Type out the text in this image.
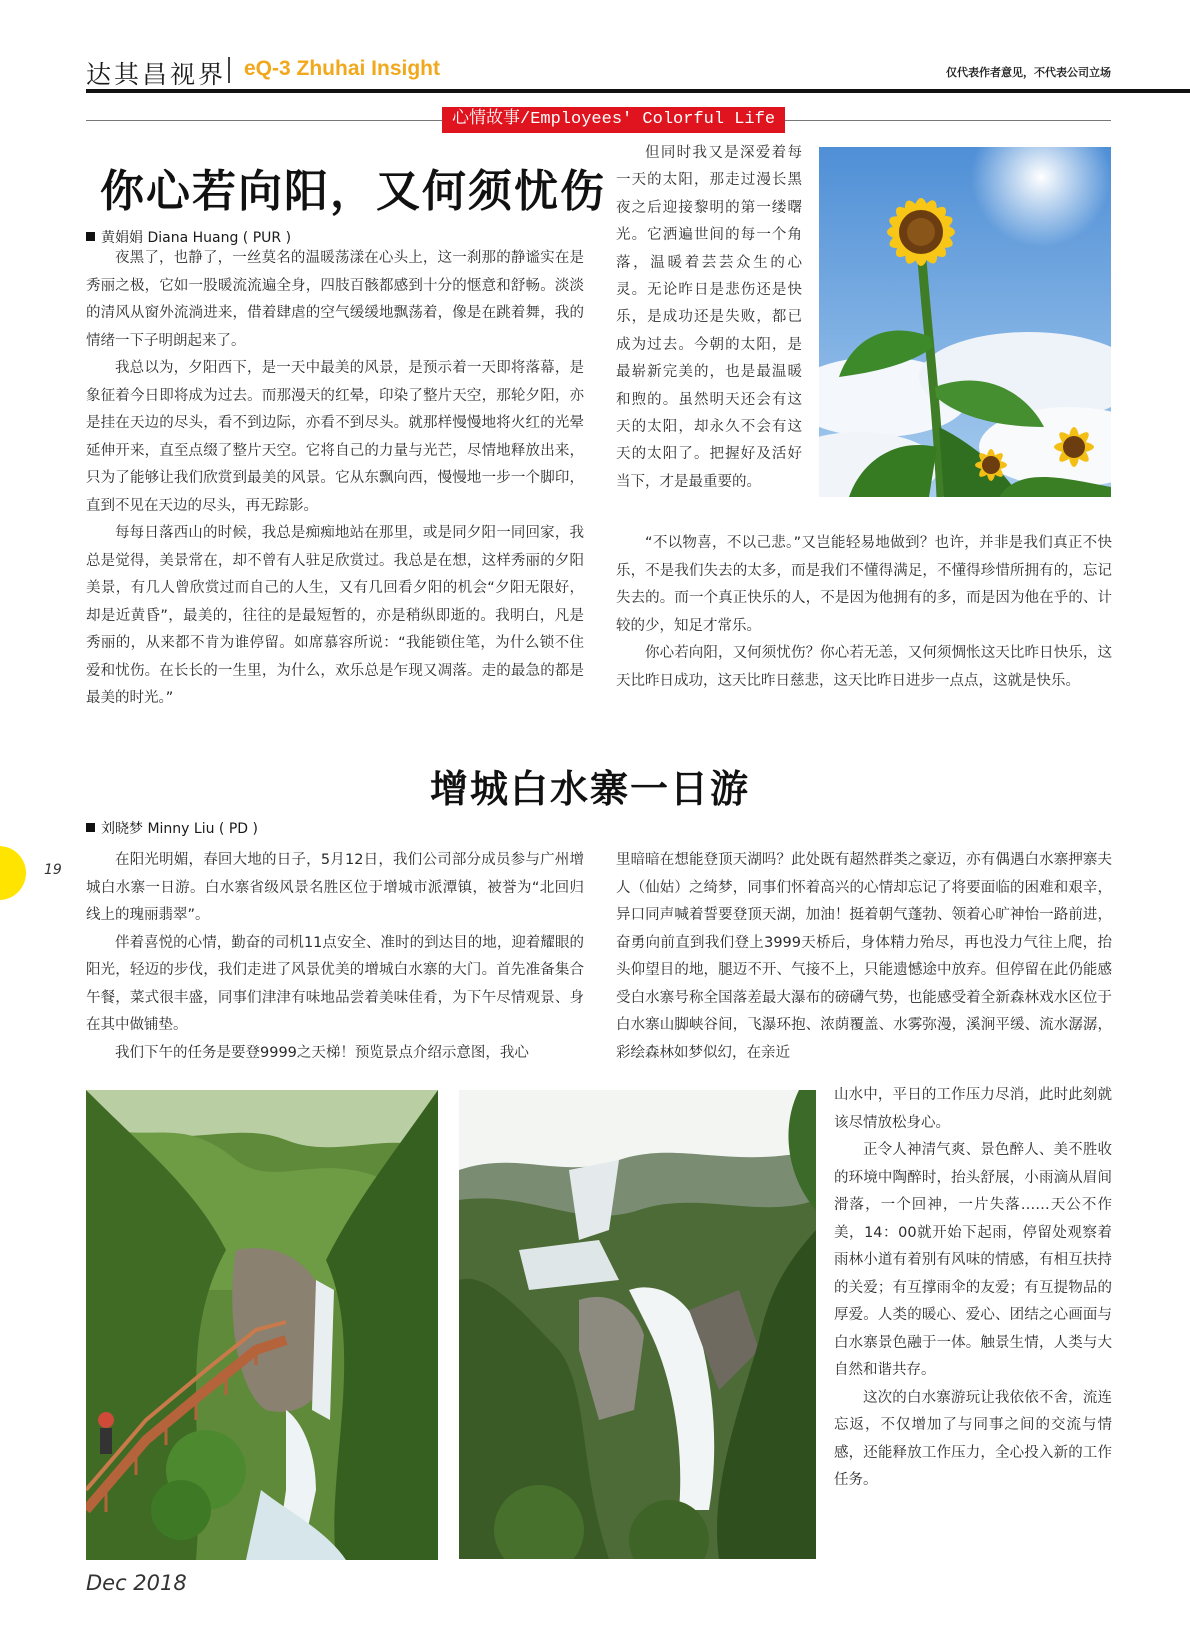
达其昌视界 eQ-3 Zhuhai Insight	仅代表作者意见，不代表公司立场
心情故事/Employees' Colorful Life
你心若向阳，又何须忧伤
黄娟娟 Diana Huang ( PUR )

夜黑了，也静了，一丝莫名的温暖荡漾在心头上，这一刹那的静谧实在是秀丽之极，它如一股暖流流遍全身，四肢百骸都感到十分的惬意和舒畅。淡淡的清风从窗外流淌进来，借着肆虐的空气缓缓地飘荡着，像是在跳着舞，我的情绪一下子明朗起来了。

我总以为，夕阳西下，是一天中最美的风景，是预示着一天即将落幕，是象征着今日即将成为过去。而那漫天的红晕，印染了整片天空，那轮夕阳，亦是挂在天边的尽头，看不到边际，亦看不到尽头。就那样慢慢地将火红的光晕延伸开来，直至点缀了整片天空。它将自己的力量与光芒，尽情地释放出来，只为了能够让我们欣赏到最美的风景。它从东飘向西，慢慢地一步一个脚印，直到不见在天边的尽头，再无踪影。

每每日落西山的时候，我总是痴痴地站在那里，或是同夕阳一同回家，我总是觉得，美景常在，却不曾有人驻足欣赏过。我总是在想，这样秀丽的夕阳美景，有几人曾欣赏过而自己的人生，又有几回看夕阳的机会“夕阳无限好，却是近黄昏”，最美的，往往的是最短暂的，亦是稍纵即逝的。我明白，凡是秀丽的，从来都不肯为谁停留。如席慕容所说：“我能锁住笔，为什么锁不住爱和忧伤。在长长的一生里，为什么，欢乐总是乍现又凋落。走的最急的都是最美的时光。”

但同时我又是深爱着每一天的太阳，那走过漫长黑夜之后迎接黎明的第一缕曙光。它洒遍世间的每一个角落，温暖着芸芸众生的心灵。无论昨日是悲伤还是快乐，是成功还是失败，都已成为过去。今朝的太阳，是最崭新完美的，也是最温暖和煦的。虽然明天还会有这天的太阳，却永久不会有这天的太阳了。把握好及活好当下，才是最重要的。

“不以物喜，不以己悲。”又岂能轻易地做到？也许，并非是我们真正不快乐，不是我们失去的太多，而是我们不懂得满足，不懂得珍惜所拥有的，忘记失去的。而一个真正快乐的人，不是因为他拥有的多，而是因为他在乎的、计较的少，知足才常乐。

你心若向阳，又何须忧伤？你心若无恙，又何须惆怅这天比昨日快乐，这天比昨日成功，这天比昨日慈悲，这天比昨日进步一点点，这就是快乐。

增城白水寨一日游
刘晓梦 Minny Liu ( PD )
19

在阳光明媚，春回大地的日子，5月12日，我们公司部分成员参与广州增城白水寨一日游。白水寨省级风景名胜区位于增城市派潭镇，被誉为“北回归线上的瑰丽翡翠”。

伴着喜悦的心情，勤奋的司机11点安全、准时的到达目的地，迎着耀眼的阳光，轻迈的步伐，我们走进了风景优美的增城白水寨的大门。首先准备集合午餐，菜式很丰盛，同事们津津有味地品尝着美味佳肴，为下午尽情观景、身在其中做铺垫。

我们下午的任务是要登9999之天梯！预览景点介绍示意图，我心

里暗暗在想能登顶天湖吗？此处既有超然群类之豪迈，亦有偶遇白水寨押寨夫人（仙姑）之绮梦，同事们怀着高兴的心情却忘记了将要面临的困难和艰辛，异口同声喊着誓要登顶天湖，加油！挺着朝气蓬勃、领着心旷神怡一路前进，奋勇向前直到我们登上3999天桥后，身体精力殆尽，再也没力气往上爬，抬头仰望目的地，腿迈不开、气接不上，只能遗憾途中放弃。但停留在此仍能感受白水寨号称全国落差最大瀑布的磅礴气势，也能感受着全新森林戏水区位于白水寨山脚峡谷间，飞瀑环抱、浓荫覆盖、水雾弥漫，溪涧平缓、流水潺潺，彩绘森林如梦似幻，在亲近

山水中，平日的工作压力尽消，此时此刻就该尽情放松身心。

正令人神清气爽、景色醉人、美不胜收的环境中陶醉时，抬头舒展，小雨滴从眉间滑落，一个回神，一片失落……天公不作美，14：00就开始下起雨，停留处观察着雨林小道有着别有风味的情感，有相互扶持的关爱；有互撑雨伞的友爱；有互提物品的厚爱。人类的暖心、爱心、团结之心画面与白水寨景色融于一体。触景生情，人类与大自然和谐共存。

这次的白水寨游玩让我依依不舍，流连忘返，不仅增加了与同事之间的交流与情感，还能释放工作压力，全心投入新的工作任务。

Dec 2018
